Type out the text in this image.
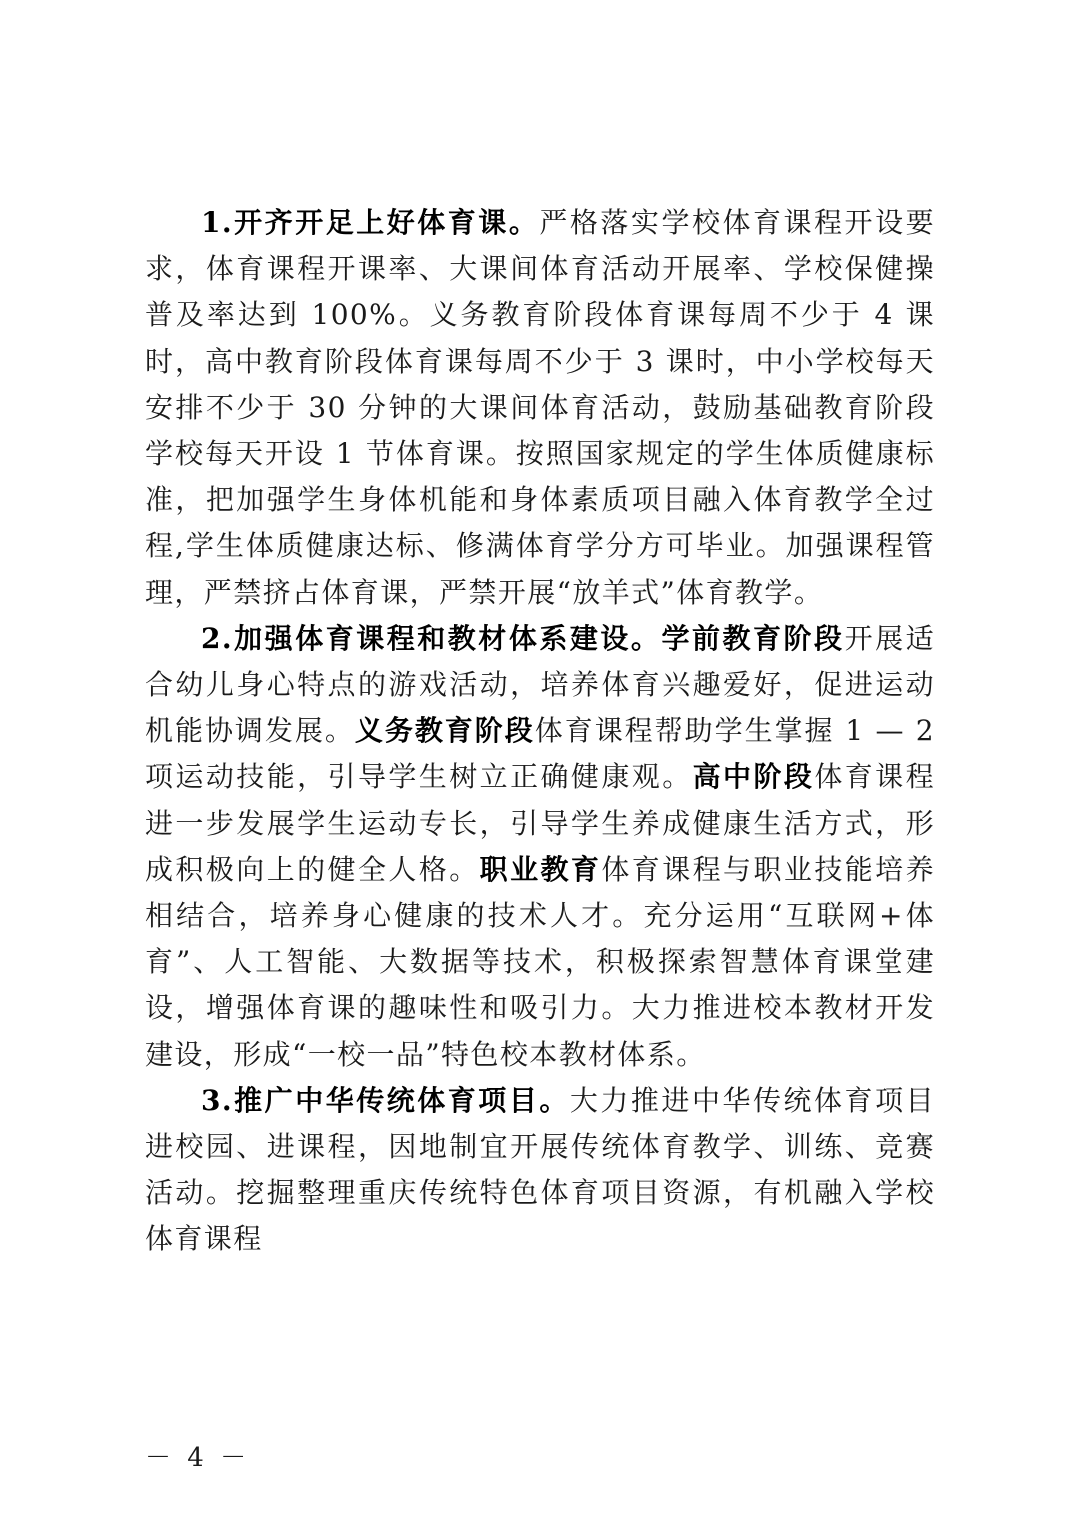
1.开齐开足上好体育课。严格落实学校体育课程开设要求，体育课程开课率、大课间体育活动开展率、学校保健操普及率达到 100%。义务教育阶段体育课每周不少于 4 课时，高中教育阶段体育课每周不少于 3 课时，中小学校每天安排不少于 30 分钟的大课间体育活动，鼓励基础教育阶段学校每天开设 1 节体育课。按照国家规定的学生体质健康标准，把加强学生身体机能和身体素质项目融入体育教学全过程,学生体质健康达标、修满体育学分方可毕业。加强课程管理，严禁挤占体育课，严禁开展“放羊式”体育教学。

2.加强体育课程和教材体系建设。学前教育阶段开展适合幼儿身心特点的游戏活动，培养体育兴趣爱好，促进运动机能协调发展。义务教育阶段体育课程帮助学生掌握 1 — 2 项运动技能，引导学生树立正确健康观。高中阶段体育课程进一步发展学生运动专长，引导学生养成健康生活方式，形成积极向上的健全人格。职业教育体育课程与职业技能培养相结合，培养身心健康的技术人才。充分运用“互联网+体育”、人工智能、大数据等技术，积极探索智慧体育课堂建设，增强体育课的趣味性和吸引力。大力推进校本教材开发建设，形成“一校一品”特色校本教材体系。

3.推广中华传统体育项目。大力推进中华传统体育项目进校园、进课程，因地制宜开展传统体育教学、训练、竞赛活动。挖掘整理重庆传统特色体育项目资源，有机融入学校体育课程

－ 4 －
